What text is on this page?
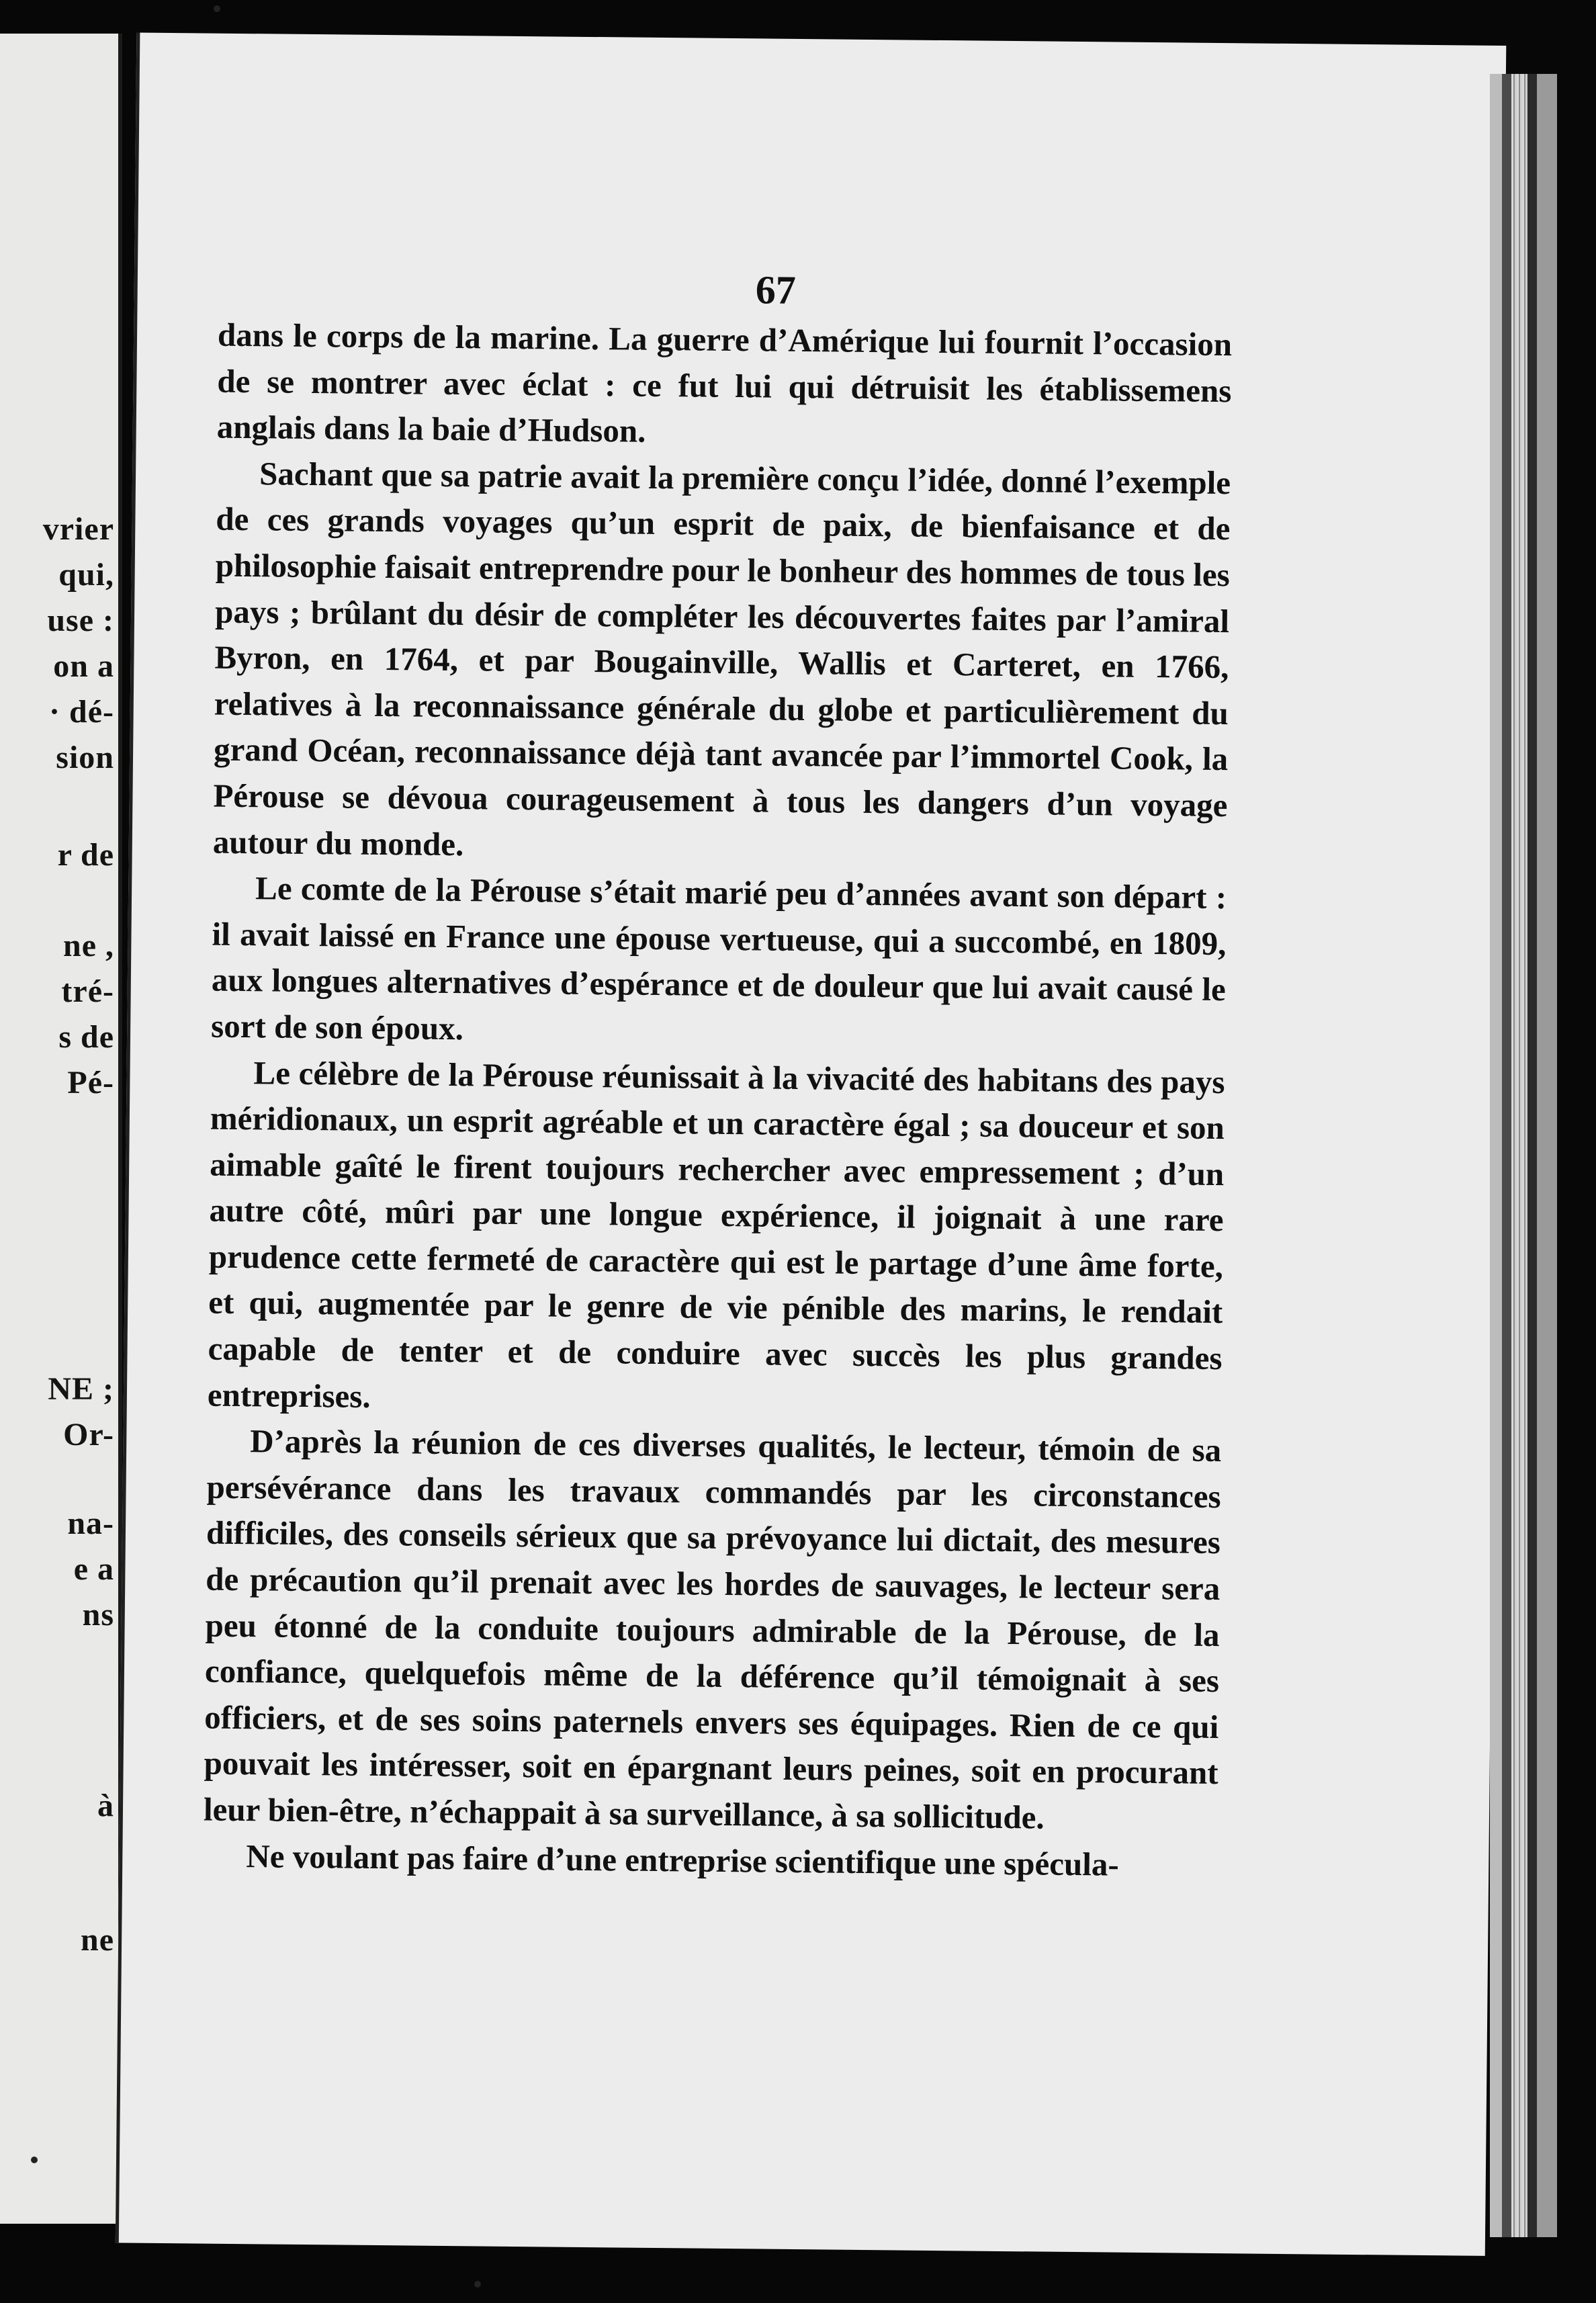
vrier
qui,
use :
on a
· dé-
sion
r de
ne ,
tré-
s de
Pé-
NE ;
Or-
na-
e a
ns
à
ne
67

dans le corps de la marine. La guerre d’Amérique lui fournit l’occasion de se montrer avec éclat : ce fut lui qui détruisit les établissemens anglais dans la baie d’Hudson.

Sachant que sa patrie avait la première conçu l’idée, donné l’exemple de ces grands voyages qu’un esprit de paix, de bienfaisance et de philosophie faisait entreprendre pour le bonheur des hommes de tous les pays ; brûlant du désir de compléter les découvertes faites par l’amiral Byron, en 1764, et par Bougainville, Wallis et Carteret, en 1766, relatives à la reconnaissance générale du globe et particulièrement du grand Océan, reconnaissance déjà tant avancée par l’immortel Cook, la Pérouse se dévoua courageusement à tous les dangers d’un voyage autour du monde.

Le comte de la Pérouse s’était marié peu d’années avant son départ : il avait laissé en France une épouse vertueuse, qui a succombé, en 1809, aux longues alternatives d’espérance et de douleur que lui avait causé le sort de son époux.

Le célèbre de la Pérouse réunissait à la vivacité des habitans des pays méridionaux, un esprit agréable et un caractère égal ; sa douceur et son aimable gaîté le firent toujours rechercher avec empressement ; d’un autre côté, mûri par une longue expérience, il joignait à une rare prudence cette fermeté de caractère qui est le partage d’une âme forte, et qui, augmentée par le genre de vie pénible des marins, le rendait capable de tenter et de conduire avec succès les plus grandes entreprises.

D’après la réunion de ces diverses qualités, le lecteur, témoin de sa persévérance dans les travaux commandés par les circonstances difficiles, des conseils sérieux que sa prévoyance lui dictait, des mesures de précaution qu’il prenait avec les hordes de sauvages, le lecteur sera peu étonné de la conduite toujours admirable de la Pérouse, de la confiance, quelquefois même de la déférence qu’il témoignait à ses officiers, et de ses soins paternels envers ses équipages. Rien de ce qui pouvait les intéresser, soit en épargnant leurs peines, soit en procurant leur bien-être, n’échappait à sa surveillance, à sa sollicitude.

Ne voulant pas faire d’une entreprise scientifique une spécula-
